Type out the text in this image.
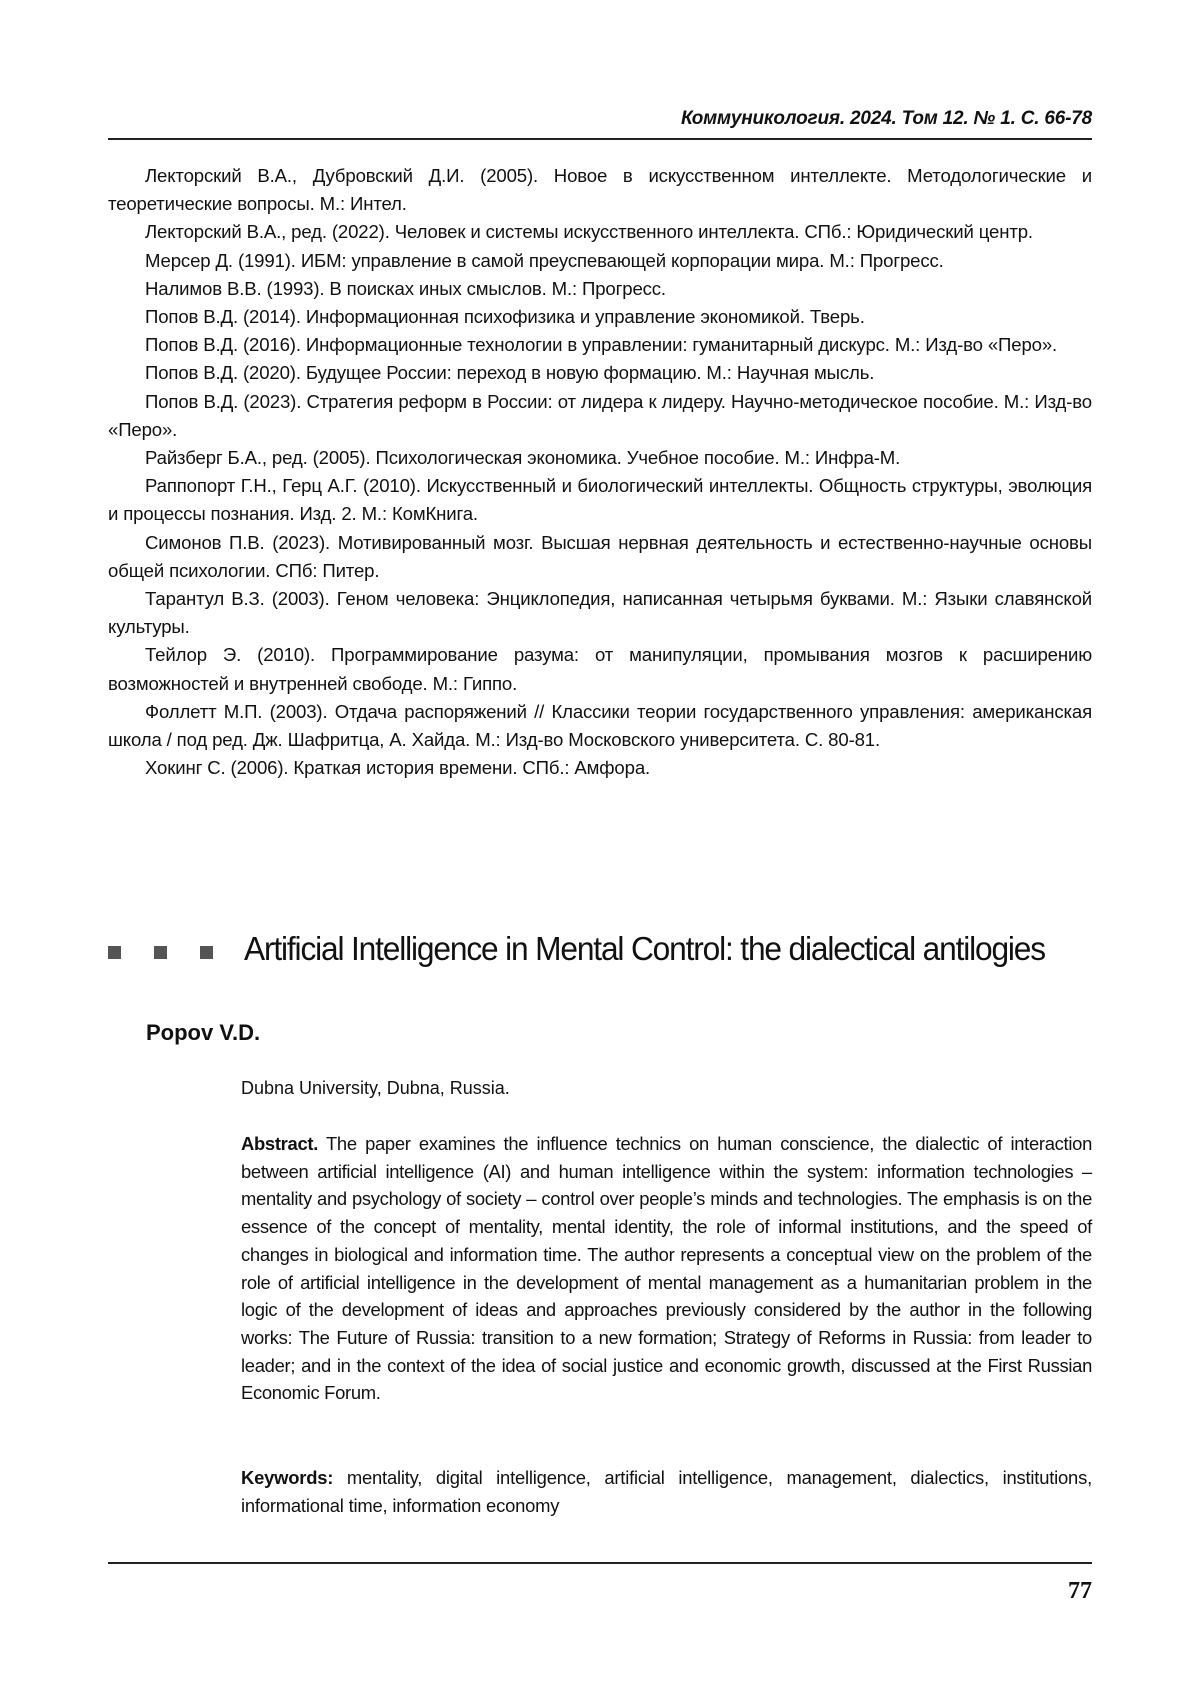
Коммуникология. 2024. Том 12. № 1. С. 66-78

Лекторский В.А., Дубровский Д.И. (2005). Новое в искусственном интеллекте. Методологические и теоретические вопросы. М.: Интел.

Лекторский В.А., ред. (2022). Человек и системы искусственного интеллекта. СПб.: Юридический центр.

Мерсер Д. (1991). ИБМ: управление в самой преуспевающей корпорации мира. М.: Прогресс.

Налимов В.В. (1993). В поисках иных смыслов. М.: Прогресс.

Попов В.Д. (2014). Информационная психофизика и управление экономикой. Тверь.

Попов В.Д. (2016). Информационные технологии в управлении: гуманитарный дискурс. М.: Изд-во «Перо».

Попов В.Д. (2020). Будущее России: переход в новую формацию. М.: Научная мысль.

Попов В.Д. (2023). Стратегия реформ в России: от лидера к лидеру. Научно-методическое пособие. М.: Изд-во «Перо».

Райзберг Б.А., ред. (2005). Психологическая экономика. Учебное пособие. М.: Инфра-М.

Раппопорт Г.Н., Герц А.Г. (2010). Искусственный и биологический интеллекты. Общность структуры, эволюция и процессы познания. Изд. 2. М.: КомКнига.

Симонов П.В. (2023). Мотивированный мозг. Высшая нервная деятельность и естественно-научные основы общей психологии. СПб: Питер.

Тарантул В.З. (2003). Геном человека: Энциклопедия, написанная четырьмя буквами. М.: Языки славянской культуры.

Тейлор Э. (2010). Программирование разума: от манипуляции, промывания мозгов к расширению возможностей и внутренней свободе. М.: Гиппо.

Фоллетт М.П. (2003). Отдача распоряжений // Классики теории государственного управления: американская школа / под ред. Дж. Шафритца, А. Хайда. М.: Изд-во Московского университета. С. 80-81.

Хокинг С. (2006). Краткая история времени. СПб.: Амфора.

Artificial Intelligence in Mental Control: the dialectical antilogies
Popov V.D.
Dubna University, Dubna, Russia.
Abstract. The paper examines the influence technics on human conscience, the dialectic of interaction between artificial intelligence (AI) and human intelligence within the system: information technologies – mentality and psychology of society – control over people’s minds and technologies. The emphasis is on the essence of the concept of mentality, mental identity, the role of informal institutions, and the speed of changes in biological and information time. The author represents a conceptual view on the problem of the role of artificial intelligence in the development of mental management as a humanitarian problem in the logic of the development of ideas and approaches previously considered by the author in the following works: The Future of Russia: transition to a new formation; Strategy of Reforms in Russia: from leader to leader; and in the context of the idea of social justice and economic growth, discussed at the First Russian Economic Forum.
Keywords: mentality, digital intelligence, artificial intelligence, management, dialectics, institutions, informational time, information economy
77
